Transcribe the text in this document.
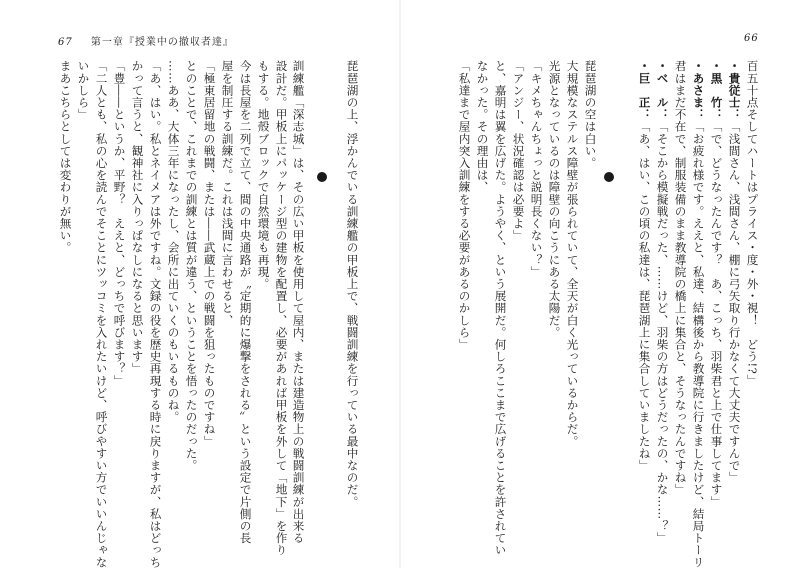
67 第一章『授業中の撤収者達』
琵琶湖の上、浮かんでいる訓練艦の甲板上で、戦闘訓練を行っている最中なのだ。
訓練艦「深志城」は、その広い甲板を使用して屋内、または建造物上の戦闘訓練が出来る
設計だ。甲板上にパッケージ型の建物を配置し、必要があれば甲板を外して「地下」を作り
もする。地殻ブロックで自然環境も再現。
今は長屋を二列で立て、間の中央通路が〝定期的に爆撃をされる〟という設定で片側の長
屋を制圧する訓練だ。これは浅間に言わせると、
「極東居留地の戦闘、または――武蔵上での戦闘を狙ったものですね」
とのことで、これまでの訓練とは質が違う、ということを悟ったのだった。
……ああ、大体三年になったし、会所に出ていくのもいるものね。
「あ、はい。私とネイメアは外ですね。文録の役を歴史再現する時に戻りますが、私はどっち
かって言うと、観神社に入りっぱなしになると思います」
「豊――というか、平野？　ええと、どっちで呼びます？」
「二人とも、私の心を読んでそことにツッコミを入れたいけど、呼びやすい方でいいんじゃな
いかしら」
まあこちらとしては変わりが無い。
66
百五十点そしてハートはプライス・度・外・視！　どう!?」
・貴従士：「浅間さん、浅間さん、棚に弓矢取り行かなくて大丈夫ですんで」
・黒　竹：「で、どうなったんです？　あ、こっち、羽柴君と上で仕事してます」
・あさま：「お疲れ様です。ええと、私達、結構後から教導院に行きましたけど、結局トーリ
君はまだ不在で、制服装備のまま教導院の橋上に集合と、そうなったんですね」
・ベ　ル：「そこから模擬戦だった、……けど、羽柴の方はどうだったの、かな……？」
・巨　正：「あ、はい、この頃の私達は、琵琶湖上に集合していましたね」
琵琶湖の空は白い。
大規模なステルス障壁が張られていて、全天が白く光っているからだ。
光源となっているのは障壁の向こうにある太陽だ。
「キメちゃんちょっと説明長くない？」
「アンジー、状況確認は必要よ」
と、嘉明は翼を広げた。ようやく、という展開だ。何しろここまで広げることを許されてい
なかった。その理由は、
「私達まで屋内突入訓練をする必要があるのかしら」
